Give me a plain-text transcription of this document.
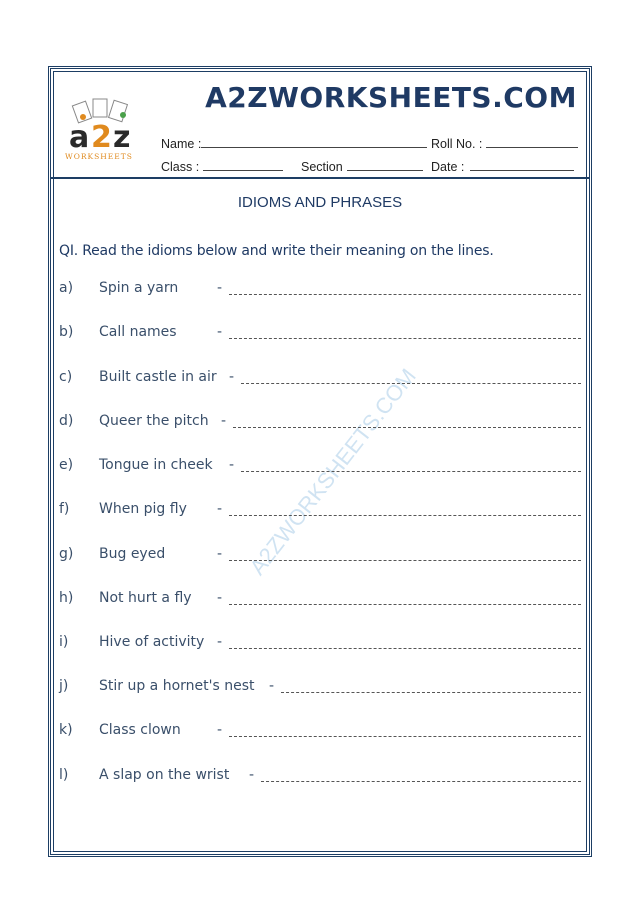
A2ZWORKSHEETS.COM
a 2 z
WORKSHEETS
Name :	Roll No. :
Class :	Section	Date :
IDIOMS AND PHRASES
QI. Read the idioms below and write their meaning on the lines.
A2ZWORKSHEETS.COM
a) Spin a yarn	-
b) Call names	-
c) Built castle in air -
d) Queer the pitch -
e) Tongue in cheek -
f) When pig fly -
g) Bug eyed	-
h) Not hurt a fly -
i) Hive of activity -
j) Stir up a hornet's nest -
k) Class clown	-
l) A slap on the wrist -
